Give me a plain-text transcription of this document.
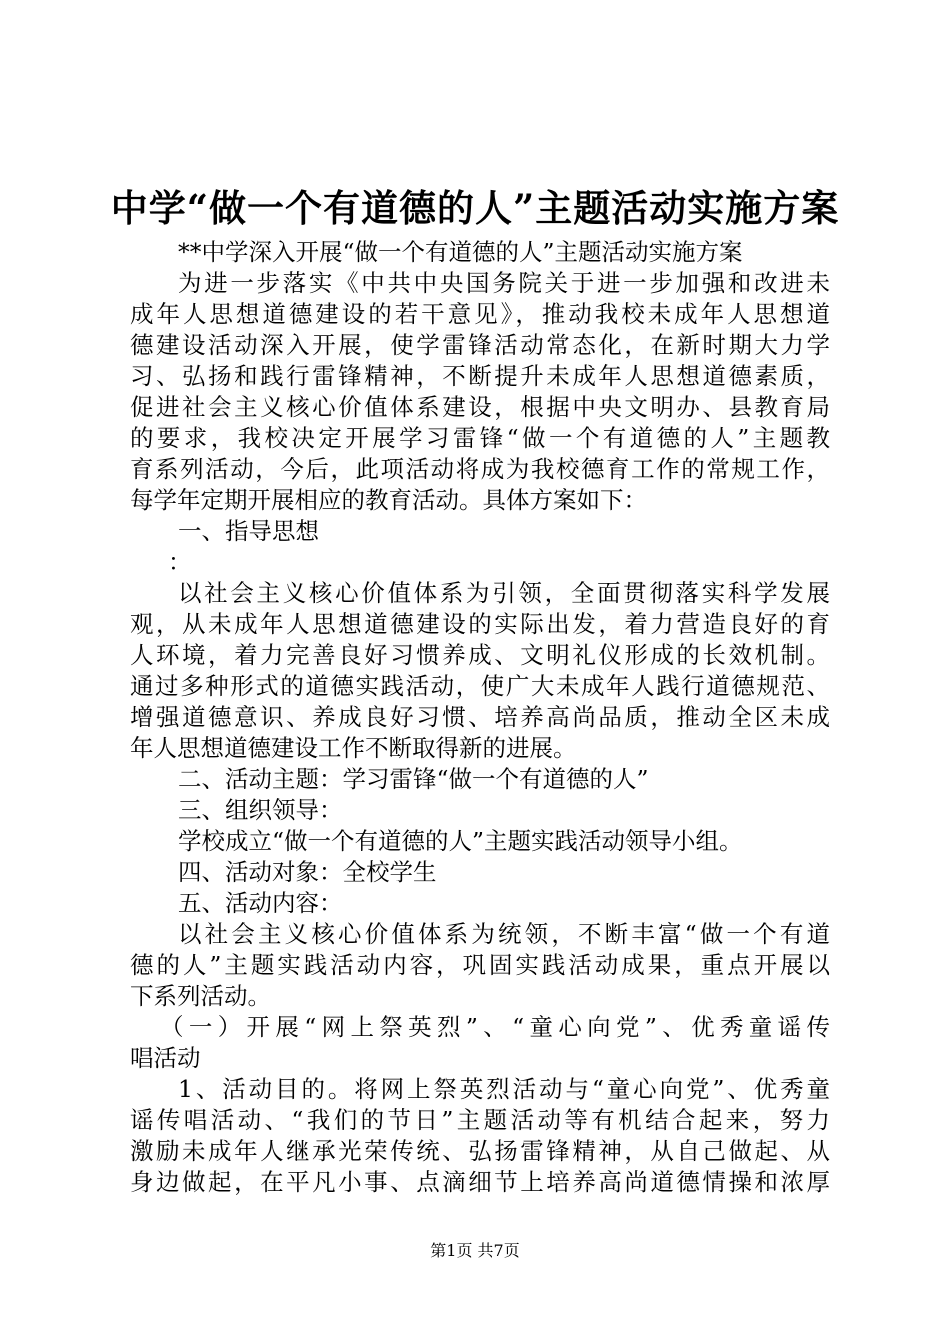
中学“做一个有道德的人”主题活动实施方案
**中学深入开展“做一个有道德的人”主题活动实施方案
为进一步落实《中共中央国务院关于进一步加强和改进未
成年人思想道德建设的若干意见》，推动我校未成年人思想道
德建设活动深入开展，使学雷锋活动常态化，在新时期大力学
习、弘扬和践行雷锋精神，不断提升未成年人思想道德素质，
促进社会主义核心价值体系建设，根据中央文明办、县教育局
的要求，我校决定开展学习雷锋“做一个有道德的人”主题教
育系列活动，今后，此项活动将成为我校德育工作的常规工作，
每学年定期开展相应的教育活动。具体方案如下：
一、指导思想
：
以社会主义核心价值体系为引领，全面贯彻落实科学发展
观，从未成年人思想道德建设的实际出发，着力营造良好的育
人环境，着力完善良好习惯养成、文明礼仪形成的长效机制。
通过多种形式的道德实践活动，使广大未成年人践行道德规范、
增强道德意识、养成良好习惯、培养高尚品质，推动全区未成
年人思想道德建设工作不断取得新的进展。
二、活动主题：学习雷锋“做一个有道德的人”
三、组织领导：
学校成立“做一个有道德的人”主题实践活动领导小组。
四、活动对象：全校学生
五、活动内容：
以社会主义核心价值体系为统领，不断丰富“做一个有道
德的人”主题实践活动内容，巩固实践活动成果，重点开展以
下系列活动。
（一）开展“网上祭英烈”、“童心向党”、优秀童谣传
唱活动
1、活动目的。将网上祭英烈活动与“童心向党”、优秀童
谣传唱活动、“我们的节日”主题活动等有机结合起来，努力
激励未成年人继承光荣传统、弘扬雷锋精神，从自己做起、从
身边做起，在平凡小事、点滴细节上培养高尚道德情操和浓厚
第1页 共7页
